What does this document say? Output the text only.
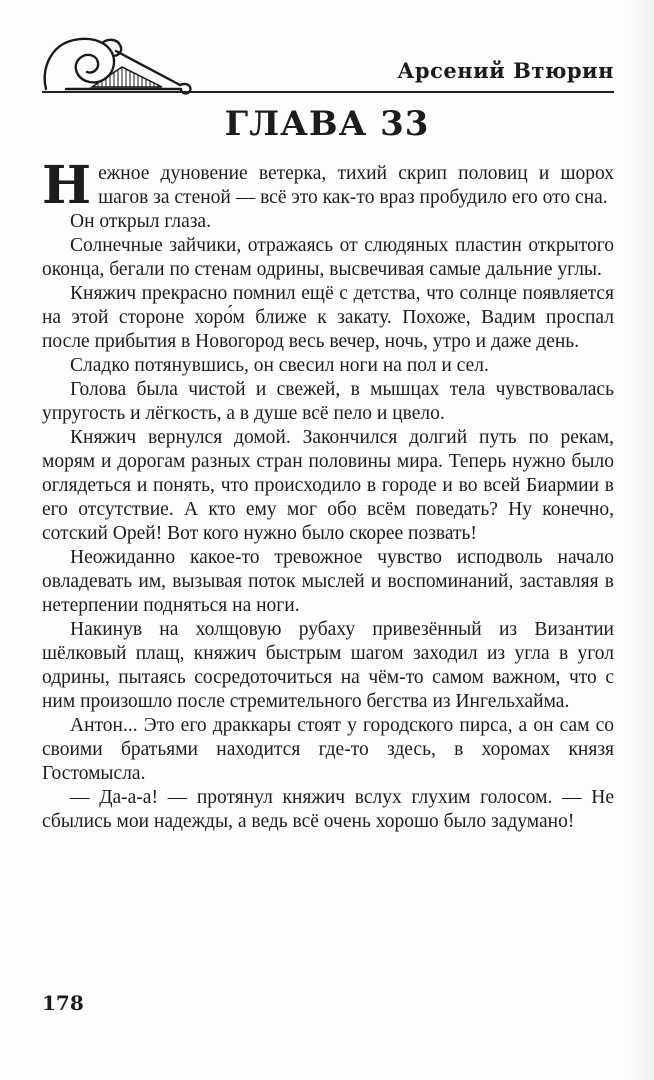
Арсений Втюрин
ГЛАВА 33

Нежное дуновение ветерка, тихий скрип половиц и шорох шагов за стеной — всё это как-то враз пробудило его ото сна.

Он открыл глаза.

Солнечные зайчики, отражаясь от слюдяных пластин открытого оконца, бегали по стенам одрины, высвечивая самые дальние углы.

Княжич прекрасно помнил ещё с детства, что солнце появляется на этой стороне хоро́м ближе к закату. Похоже, Вадим проспал после прибытия в Новогород весь вечер, ночь, утро и даже день.

Сладко потянувшись, он свесил ноги на пол и сел.

Голова была чистой и свежей, в мышцах тела чувствовалась упругость и лёгкость, а в душе всё пело и цвело.

Княжич вернулся домой. Закончился долгий путь по рекам, морям и дорогам разных стран половины мира. Теперь нужно было оглядеться и понять, что происходило в городе и во всей Биармии в его отсутствие. А кто ему мог обо всём поведать? Ну конечно, сотский Орей! Вот кого нужно было скорее позвать!

Неожиданно какое-то тревожное чувство исподволь начало овладевать им, вызывая поток мыслей и воспоминаний, заставляя в нетерпении подняться на ноги.

Накинув на холщовую рубаху привезённый из Византии шёлковый плащ, княжич быстрым шагом заходил из угла в угол одрины, пытаясь сосредоточиться на чём-то самом важном, что с ним произошло после стремительного бегства из Ингельхайма.

Антон... Это его драккары стоят у городского пирса, а он сам со своими братьями находится где-то здесь, в хоромах князя Гостомысла.

— Да-а-а! — протянул княжич вслух глухим голосом. — Не сбылись мои надежды, а ведь всё очень хорошо было задумано!

178
